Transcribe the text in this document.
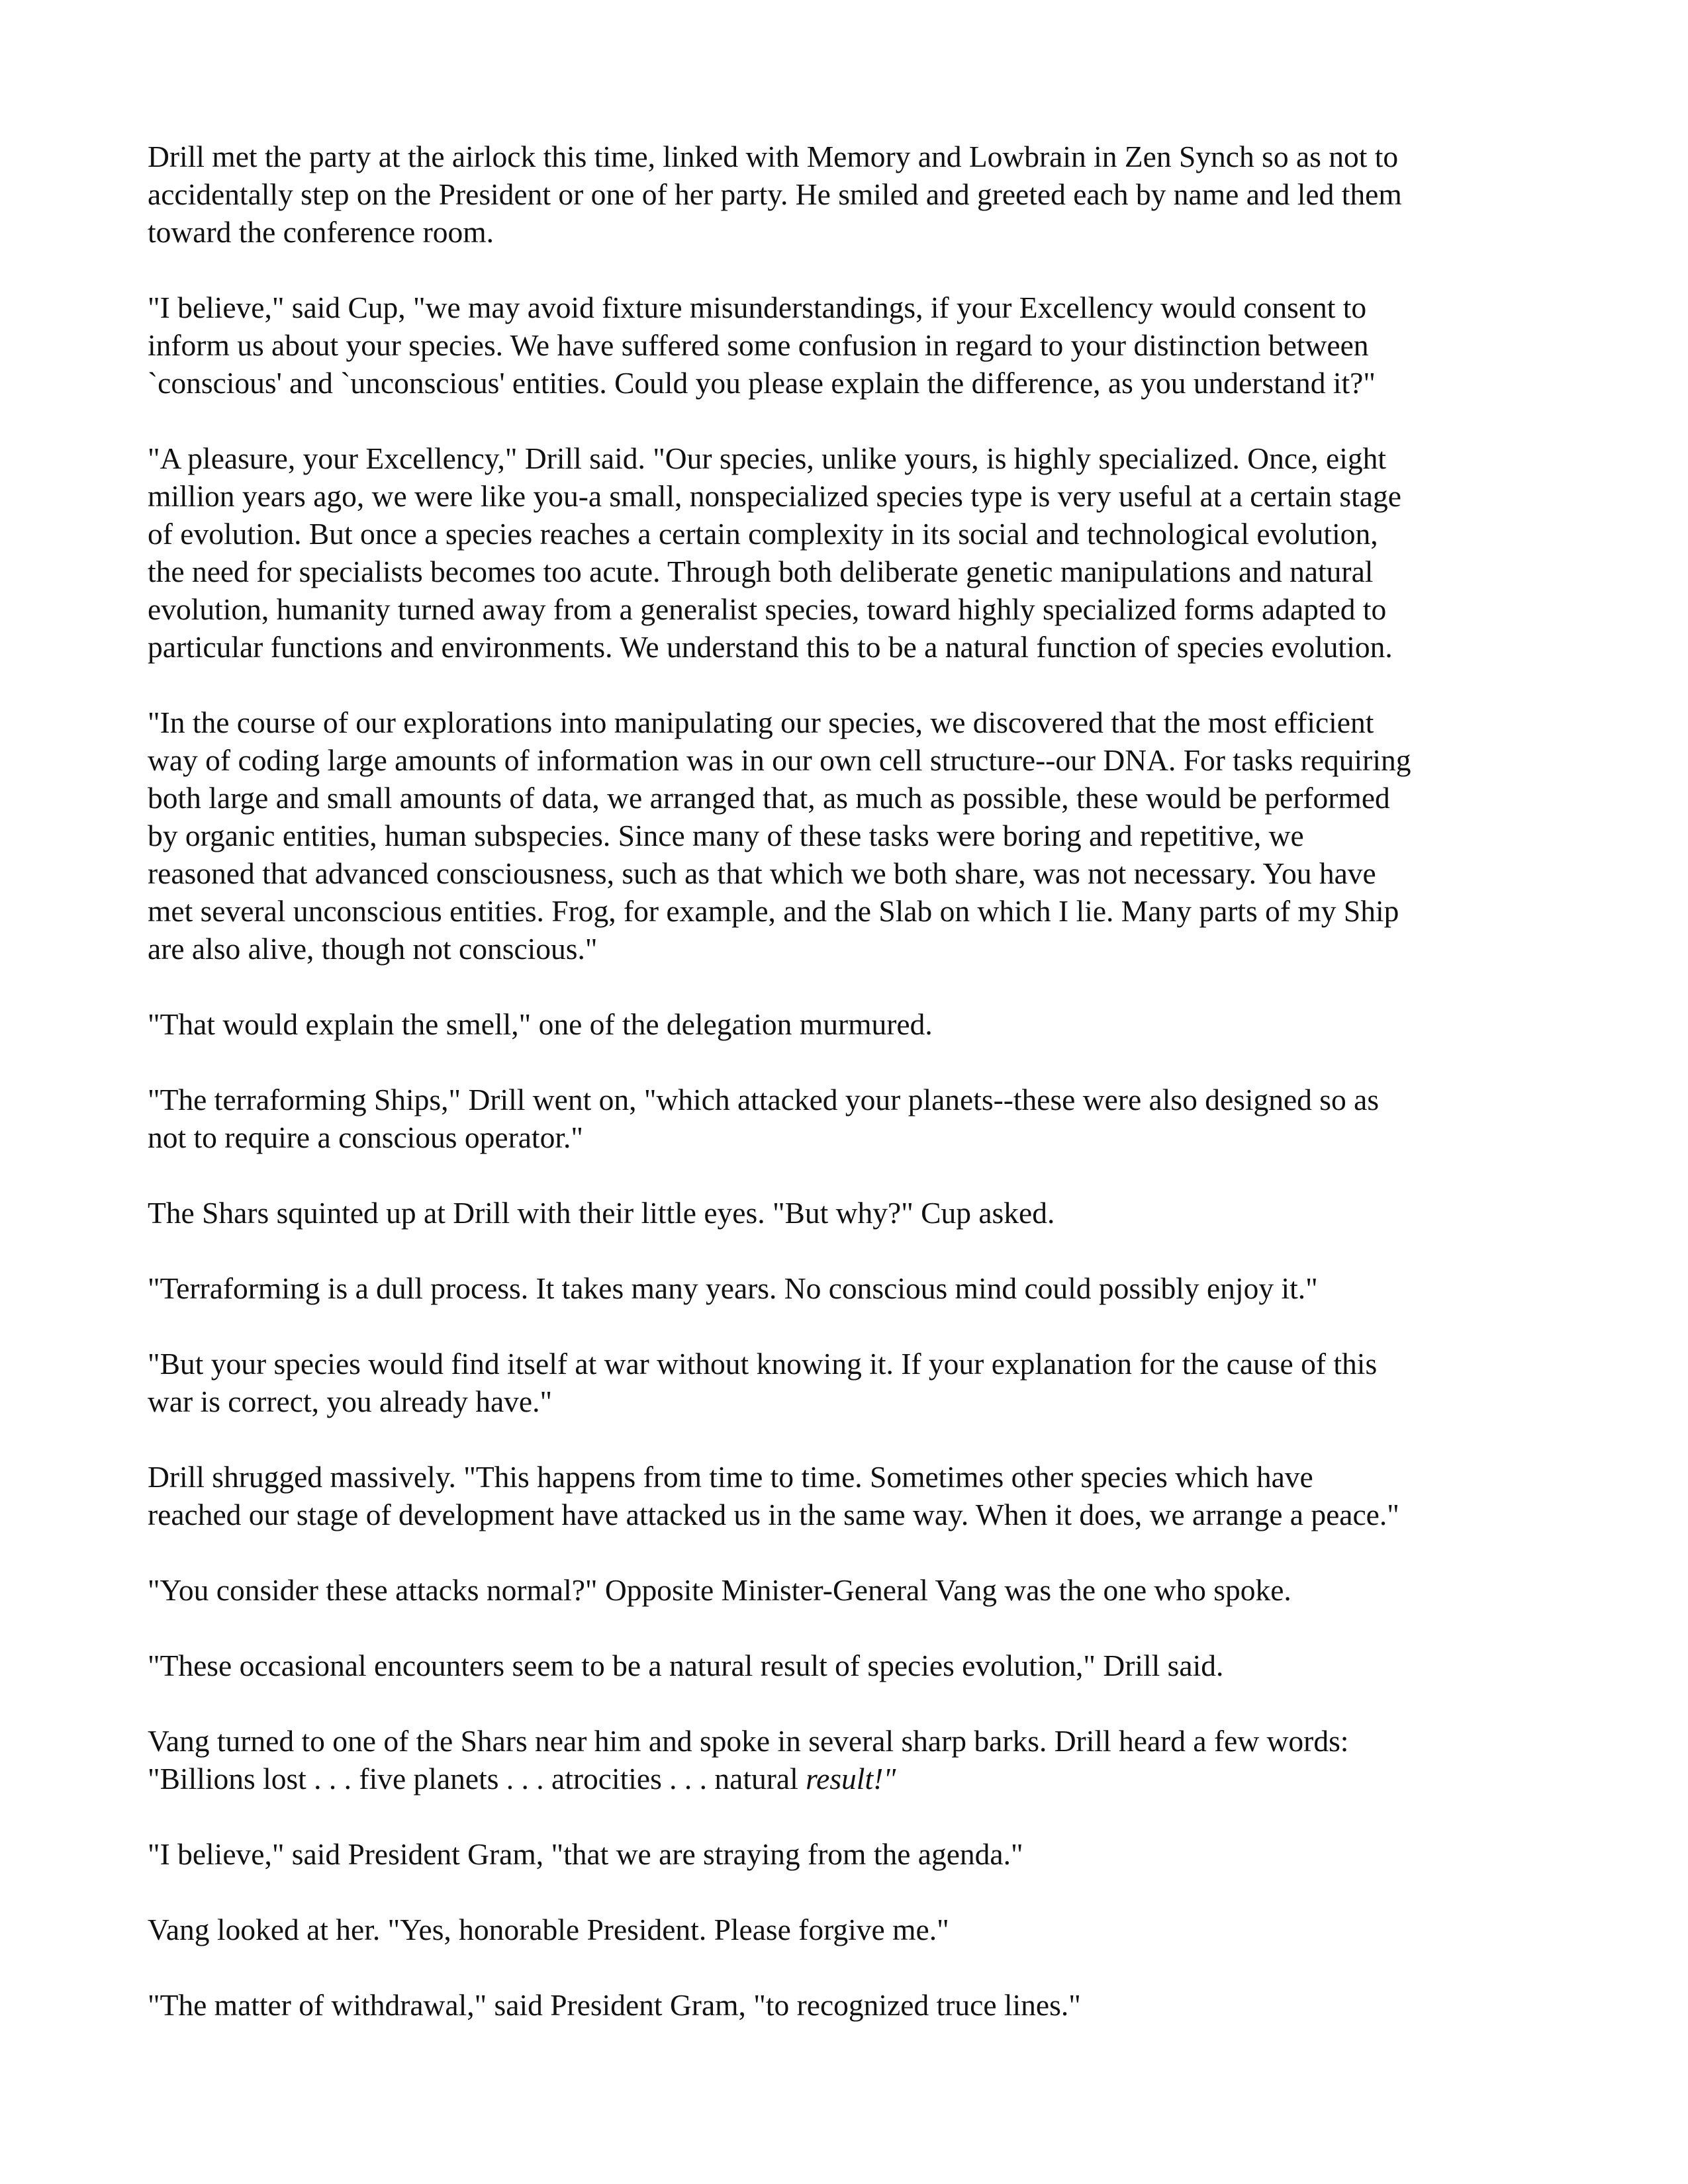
Drill met the party at the airlock this time, linked with Memory and Lowbrain in Zen Synch so as not to
accidentally step on the President or one of her party. He smiled and greeted each by name and led them
toward the conference room.

"I believe," said Cup, "we may avoid fixture misunderstandings, if your Excellency would consent to
inform us about your species. We have suffered some confusion in regard to your distinction between
`conscious' and `unconscious' entities. Could you please explain the difference, as you understand it?"

"A pleasure, your Excellency," Drill said. "Our species, unlike yours, is highly specialized. Once, eight
million years ago, we were like you-a small, nonspecialized species type is very useful at a certain stage
of evolution. But once a species reaches a certain complexity in its social and technological evolution,
the need for specialists becomes too acute. Through both deliberate genetic manipulations and natural
evolution, humanity turned away from a generalist species, toward highly specialized forms adapted to
particular functions and environments. We understand this to be a natural function of species evolution.

"In the course of our explorations into manipulating our species, we discovered that the most efficient
way of coding large amounts of information was in our own cell structure--our DNA. For tasks requiring
both large and small amounts of data, we arranged that, as much as possible, these would be performed
by organic entities, human subspecies. Since many of these tasks were boring and repetitive, we
reasoned that advanced consciousness, such as that which we both share, was not necessary. You have
met several unconscious entities. Frog, for example, and the Slab on which I lie. Many parts of my Ship
are also alive, though not conscious."

"That would explain the smell," one of the delegation murmured.

"The terraforming Ships," Drill went on, "which attacked your planets--these were also designed so as
not to require a conscious operator."

The Shars squinted up at Drill with their little eyes. "But why?" Cup asked.

"Terraforming is a dull process. It takes many years. No conscious mind could possibly enjoy it."

"But your species would find itself at war without knowing it. If your explanation for the cause of this
war is correct, you already have."

Drill shrugged massively. "This happens from time to time. Sometimes other species which have
reached our stage of development have attacked us in the same way. When it does, we arrange a peace."

"You consider these attacks normal?" Opposite Minister-General Vang was the one who spoke.

"These occasional encounters seem to be a natural result of species evolution," Drill said.

Vang turned to one of the Shars near him and spoke in several sharp barks. Drill heard a few words:
"Billions lost . . . five planets . . . atrocities . . . natural result!"

"I believe," said President Gram, "that we are straying from the agenda."

Vang looked at her. "Yes, honorable President. Please forgive me."

"The matter of withdrawal," said President Gram, "to recognized truce lines."
